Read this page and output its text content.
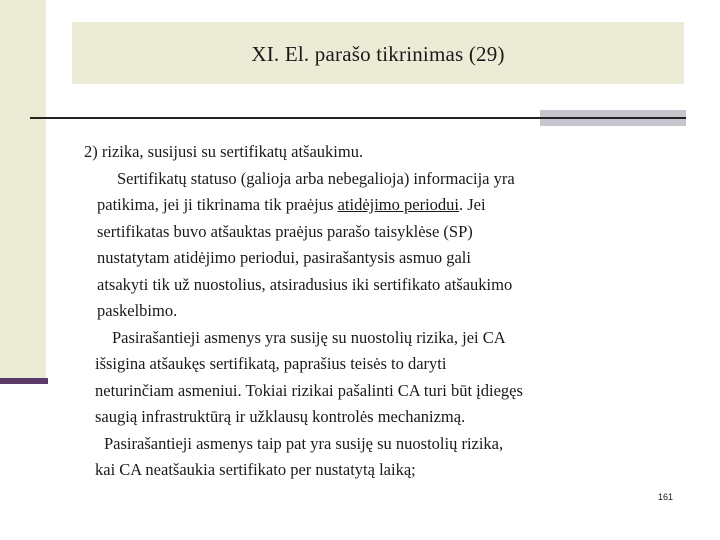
XI. El. parašo tikrinimas (29)
2) rizika, susijusi su sertifikatų atšaukimu.
Sertifikatų statuso (galioja arba nebegalioja) informacija yra
patikima, jei ji tikrinama tik praėjus atidėjimo periodui. Jei
sertifikatas buvo atšauktas praėjus parašo taisyklėse (SP)
nustatytam atidėjimo periodui, pasirašantysis asmuo gali
atsakyti tik už nuostolius, atsiradusius iki sertifikato atšaukimo
paskelbimo.
Pasirašantieji asmenys yra susiję su nuostolių rizika, jei CA
išsigina atšaukęs sertifikatą, paprašius teisės to daryti
neturinčiam asmeniui. Tokiai rizikai pašalinti CA turi būt įdiegęs
saugią infrastruktūrą ir užklausų kontrolės mechanizmą.
Pasirašantieji asmenys taip pat yra susiję su nuostolių rizika,
kai CA neatšaukia sertifikato per nustatytą laiką;
161
